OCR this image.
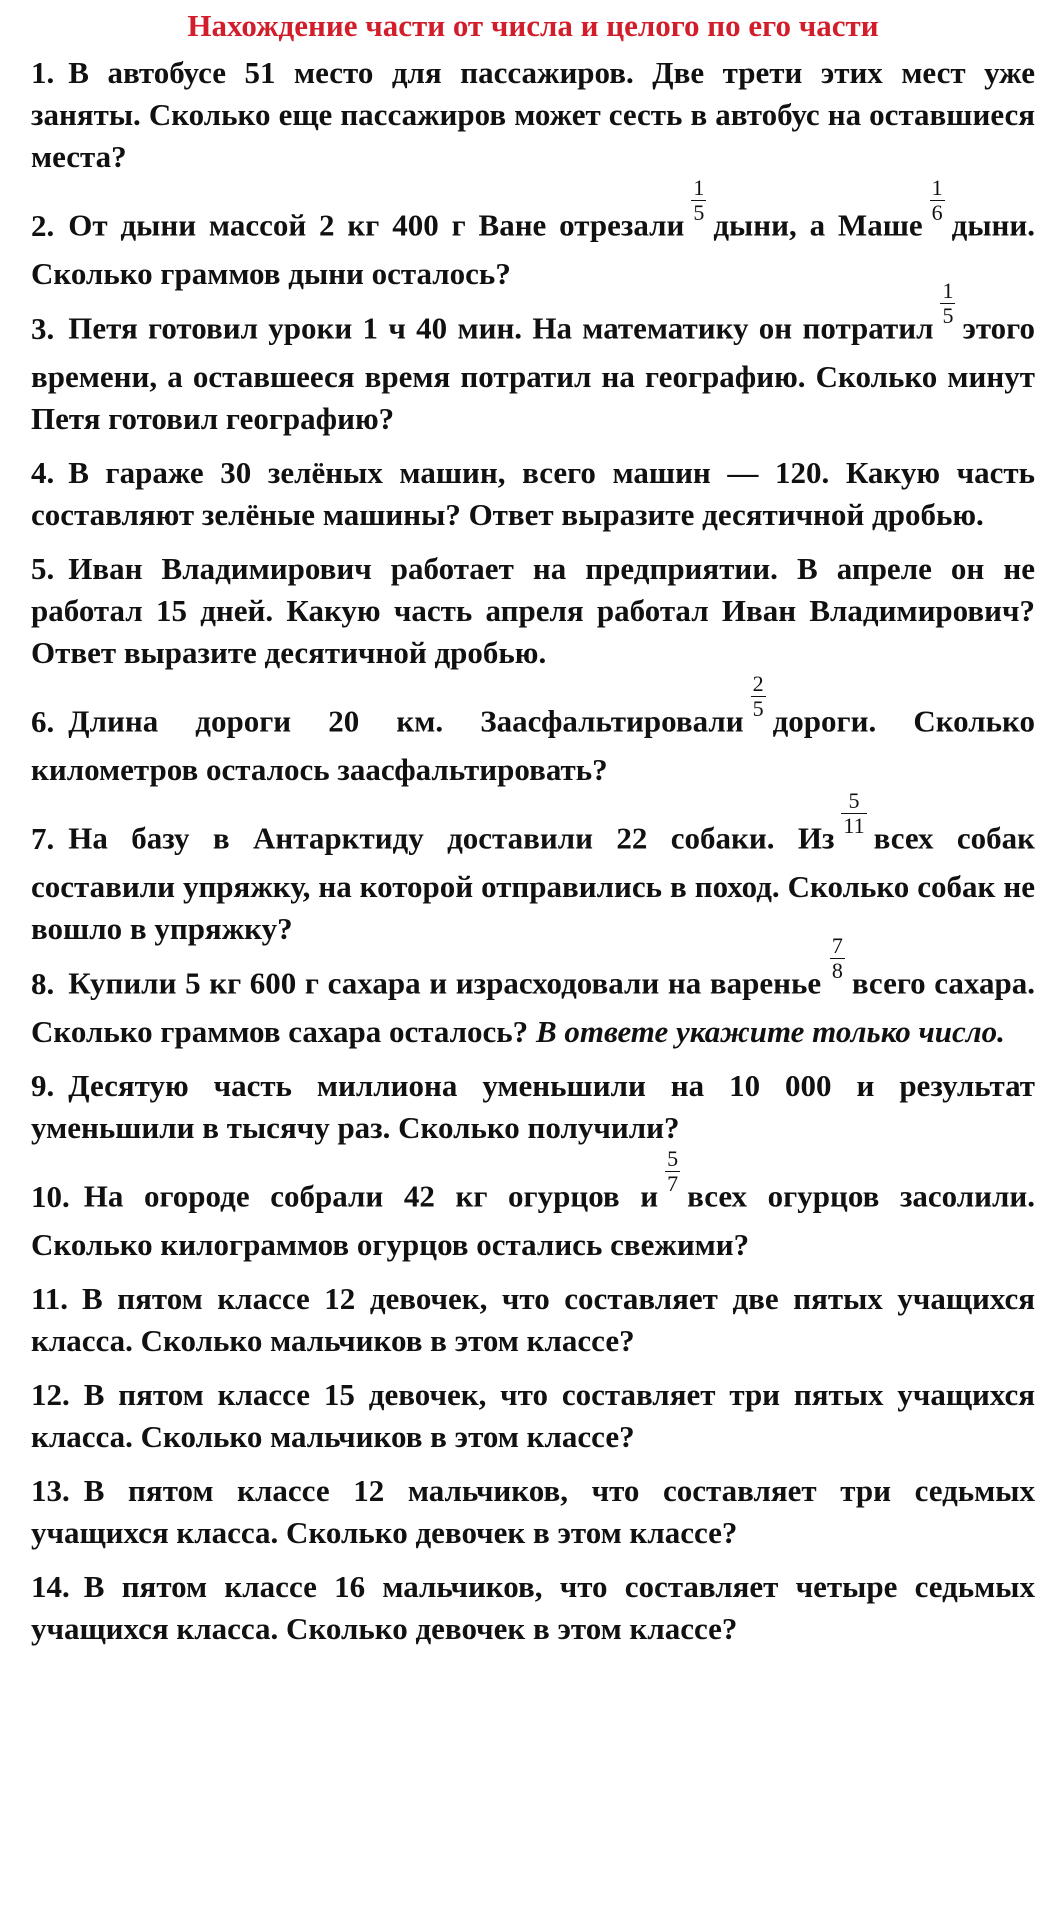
Нахождение части от числа и целого по его части
1. В автобусе 51 место для пассажиров. Две трети этих мест уже заняты. Сколько еще пассажиров может сесть в автобус на оставшиеся места?
2. От дыни массой 2 кг 400 г Ване отрезали
$\frac{1}{5}$
дыни, а Маше
$\frac{1}{6}$
дыни. Сколько граммов дыни осталось?
3. Петя готовил уроки 1 ч 40 мин. На математику он потратил
$\frac{1}{5}$
этого времени, а оставшееся время потратил на географию. Сколько минут Петя готовил географию?
4. В гараже 30 зелёных машин, всего машин — 120. Какую часть составляют зелёные машины? Ответ выразите десятичной дробью.
5. Иван Владимирович работает на предприятии. В апреле он не работал 15 дней. Какую часть апреля работал Иван Владимирович? Ответ выразите десятичной дробью.
6. Длина дороги 20 км. Заасфальтировали
$\frac{2}{5}$
дороги. Сколько километров осталось заасфальтировать?
7. На базу в Антарктиду доставили 22 собаки. Из
$\frac{5}{11}$
всех собак составили упряжку, на которой отправились в поход. Сколько собак не вошло в упряжку?
8. Купили 5 кг 600 г сахара и израсходовали на варенье
$\frac{7}{8}$
всего сахара. Сколько граммов сахара осталось? В ответе укажите только число.
9. Десятую часть миллиона уменьшили на 10 000 и результат уменьшили в тысячу раз. Сколько получили?
10. На огороде собрали 42 кг огурцов и
$\frac{5}{7}$
всех огурцов засолили. Сколько килограммов огурцов остались свежими?
11. В пятом классе 12 девочек, что составляет две пятых учащихся класса. Сколько мальчиков в этом классе?
12. В пятом классе 15 девочек, что составляет три пятых учащихся класса. Сколько мальчиков в этом классе?
13. В пятом классе 12 мальчиков, что составляет три седьмых учащихся класса. Сколько девочек в этом классе?
14. В пятом классе 16 мальчиков, что составляет четыре седьмых учащихся класса. Сколько девочек в этом классе?
